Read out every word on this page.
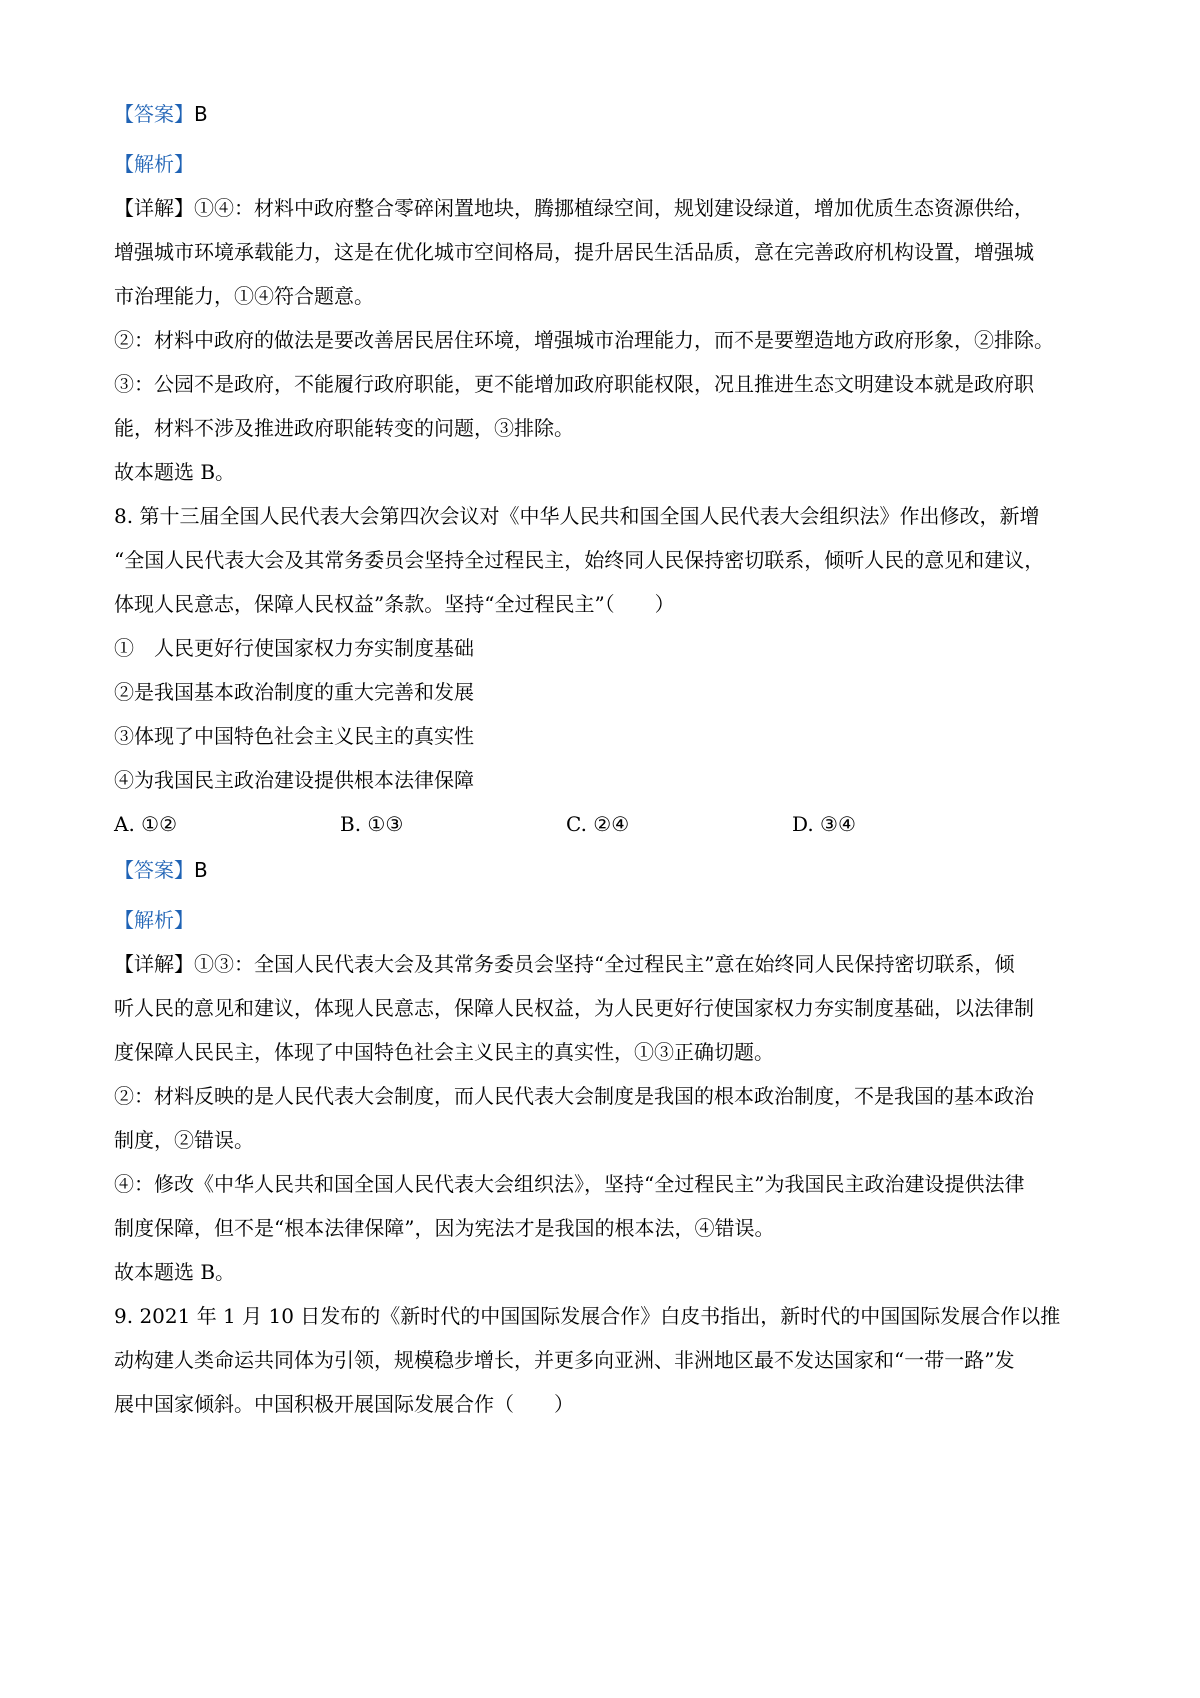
【答案】B
【解析】
【详解】①④：材料中政府整合零碎闲置地块，腾挪植绿空间，规划建设绿道，增加优质生态资源供给，
增强城市环境承载能力，这是在优化城市空间格局，提升居民生活品质，意在完善政府机构设置，增强城
市治理能力，①④符合题意。
②：材料中政府的做法是要改善居民居住环境，增强城市治理能力，而不是要塑造地方政府形象，②排除。
③：公园不是政府，不能履行政府职能，更不能增加政府职能权限，况且推进生态文明建设本就是政府职
能，材料不涉及推进政府职能转变的问题，③排除。
故本题选 B。
8. 第十三届全国人民代表大会第四次会议对《中华人民共和国全国人民代表大会组织法》作出修改，新增
“全国人民代表大会及其常务委员会坚持全过程民主，始终同人民保持密切联系，倾听人民的意见和建议，
体现人民意志，保障人民权益”条款。坚持“全过程民主”（　　）
①　人民更好行使国家权力夯实制度基础
②是我国基本政治制度的重大完善和发展
③体现了中国特色社会主义民主的真实性
④为我国民主政治建设提供根本法律保障
A. ①②	B. ①③	C. ②④	D. ③④
【答案】B
【解析】
【详解】①③：全国人民代表大会及其常务委员会坚持“全过程民主”意在始终同人民保持密切联系，倾
听人民的意见和建议，体现人民意志，保障人民权益，为人民更好行使国家权力夯实制度基础，以法律制
度保障人民民主，体现了中国特色社会主义民主的真实性，①③正确切题。
②：材料反映的是人民代表大会制度，而人民代表大会制度是我国的根本政治制度，不是我国的基本政治
制度，②错误。
④：修改《中华人民共和国全国人民代表大会组织法》，坚持“全过程民主”为我国民主政治建设提供法律
制度保障，但不是“根本法律保障”，因为宪法才是我国的根本法，④错误。
故本题选 B。
9. 2021 年 1 月 10 日发布的《新时代的中国国际发展合作》白皮书指出，新时代的中国国际发展合作以推
动构建人类命运共同体为引领，规模稳步增长，并更多向亚洲、非洲地区最不发达国家和“一带一路”发
展中国家倾斜。中国积极开展国际发展合作（　　）
